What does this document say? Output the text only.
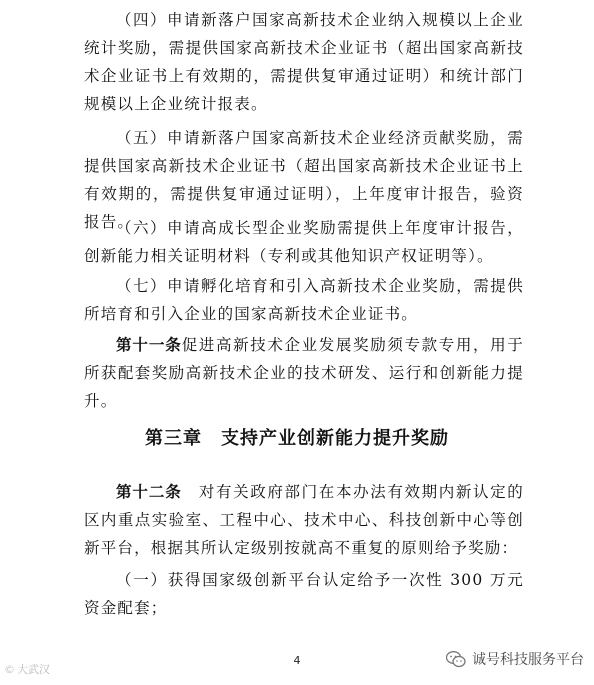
（四）申请新落户国家高新技术企业纳入规模以上企业统计奖励，需提供国家高新技术企业证书（超出国家高新技术企业证书上有效期的，需提供复审通过证明）和统计部门规模以上企业统计报表。

（五）申请新落户国家高新技术企业经济贡献奖励，需提供国家高新技术企业证书（超出国家高新技术企业证书上有效期的，需提供复审通过证明），上年度审计报告，验资报告。

（六）申请高成长型企业奖励需提供上年度审计报告，创新能力相关证明材料（专利或其他知识产权证明等）。

（七）申请孵化培育和引入高新技术企业奖励，需提供所培育和引入企业的国家高新技术企业证书。

第十一条促进高新技术企业发展奖励须专款专用，用于所获配套奖励高新技术企业的技术研发、运行和创新能力提升。

第三章　支持产业创新能力提升奖励

第十二条　 对有关政府部门在本办法有效期内新认定的区内重点实验室、工程中心、技术中心、科技创新中心等创新平台，根据其所认定级别按就高不重复的原则给予奖励：

（一）获得国家级创新平台认定给予一次性 300 万元资金配套；

4
© 大武汉
诚号科技服务平台
